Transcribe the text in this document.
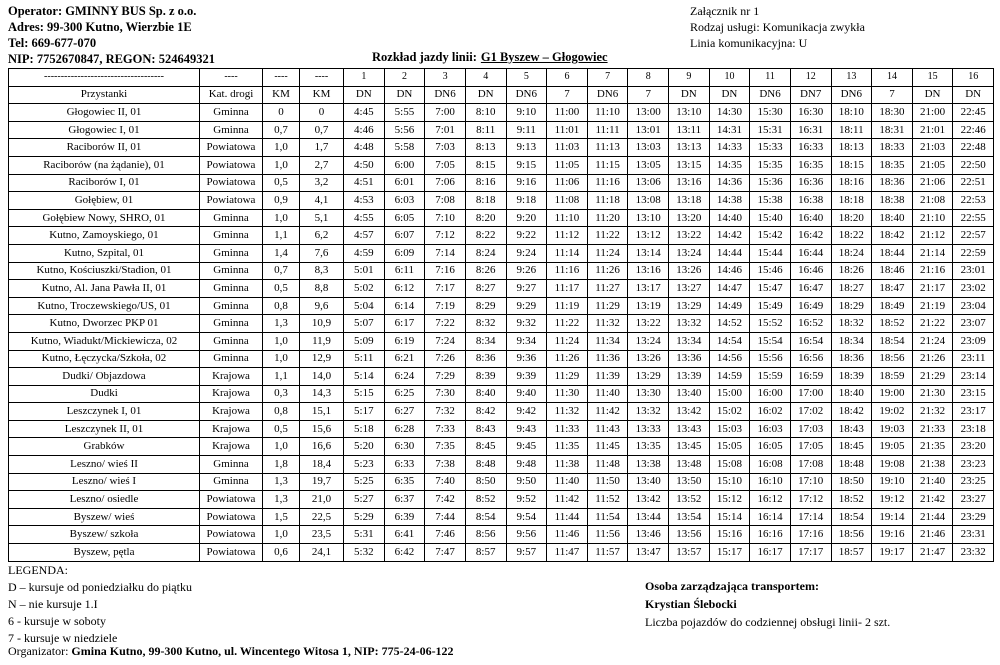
Operator: GMINNY BUS Sp. z o.o.
Adres: 99-300 Kutno, Wierzbie 1E
Tel: 669-677-070
NIP: 7752670847, REGON: 524649321
Załącznik nr 1
Rodzaj usługi: Komunikacja zwykła
Linia komunikacyjna: U
Rozkład jazdy linii: G1 Byszew – Głogowiec
------------------------------------	----	----	----	1	2	3	4	5	6	7	8	9	10	11	12	13	14	15	16
Przystanki	Kat. drogi	KM	KM	DN	DN	DN6	DN	DN6	7	DN6	7	DN	DN	DN6	DN7	DN6	7	DN	DN
Głogowiec II, 01	Gminna	0	0	4:45	5:55	7:00	8:10	9:10	11:00	11:10	13:00	13:10	14:30	15:30	16:30	18:10	18:30	21:00	22:45
Głogowiec I, 01	Gminna	0,7	0,7	4:46	5:56	7:01	8:11	9:11	11:01	11:11	13:01	13:11	14:31	15:31	16:31	18:11	18:31	21:01	22:46
Raciborów II, 01	Powiatowa	1,0	1,7	4:48	5:58	7:03	8:13	9:13	11:03	11:13	13:03	13:13	14:33	15:33	16:33	18:13	18:33	21:03	22:48
Raciborów (na żądanie), 01	Powiatowa	1,0	2,7	4:50	6:00	7:05	8:15	9:15	11:05	11:15	13:05	13:15	14:35	15:35	16:35	18:15	18:35	21:05	22:50
Raciborów I, 01	Powiatowa	0,5	3,2	4:51	6:01	7:06	8:16	9:16	11:06	11:16	13:06	13:16	14:36	15:36	16:36	18:16	18:36	21:06	22:51
Gołębiew, 01	Powiatowa	0,9	4,1	4:53	6:03	7:08	8:18	9:18	11:08	11:18	13:08	13:18	14:38	15:38	16:38	18:18	18:38	21:08	22:53
Gołębiew Nowy, SHRO, 01	Gminna	1,0	5,1	4:55	6:05	7:10	8:20	9:20	11:10	11:20	13:10	13:20	14:40	15:40	16:40	18:20	18:40	21:10	22:55
Kutno, Zamoyskiego, 01	Gminna	1,1	6,2	4:57	6:07	7:12	8:22	9:22	11:12	11:22	13:12	13:22	14:42	15:42	16:42	18:22	18:42	21:12	22:57
Kutno, Szpital, 01	Gminna	1,4	7,6	4:59	6:09	7:14	8:24	9:24	11:14	11:24	13:14	13:24	14:44	15:44	16:44	18:24	18:44	21:14	22:59
Kutno, Kościuszki/Stadion, 01	Gminna	0,7	8,3	5:01	6:11	7:16	8:26	9:26	11:16	11:26	13:16	13:26	14:46	15:46	16:46	18:26	18:46	21:16	23:01
Kutno, Al. Jana Pawła II, 01	Gminna	0,5	8,8	5:02	6:12	7:17	8:27	9:27	11:17	11:27	13:17	13:27	14:47	15:47	16:47	18:27	18:47	21:17	23:02
Kutno, Troczewskiego/US, 01	Gminna	0,8	9,6	5:04	6:14	7:19	8:29	9:29	11:19	11:29	13:19	13:29	14:49	15:49	16:49	18:29	18:49	21:19	23:04
Kutno, Dworzec PKP 01	Gminna	1,3	10,9	5:07	6:17	7:22	8:32	9:32	11:22	11:32	13:22	13:32	14:52	15:52	16:52	18:32	18:52	21:22	23:07
Kutno, Wiadukt/Mickiewicza, 02	Gminna	1,0	11,9	5:09	6:19	7:24	8:34	9:34	11:24	11:34	13:24	13:34	14:54	15:54	16:54	18:34	18:54	21:24	23:09
Kutno, Łęczycka/Szkoła, 02	Gminna	1,0	12,9	5:11	6:21	7:26	8:36	9:36	11:26	11:36	13:26	13:36	14:56	15:56	16:56	18:36	18:56	21:26	23:11
Dudki/ Objazdowa	Krajowa	1,1	14,0	5:14	6:24	7:29	8:39	9:39	11:29	11:39	13:29	13:39	14:59	15:59	16:59	18:39	18:59	21:29	23:14
Dudki	Krajowa	0,3	14,3	5:15	6:25	7:30	8:40	9:40	11:30	11:40	13:30	13:40	15:00	16:00	17:00	18:40	19:00	21:30	23:15
Leszczynek I, 01	Krajowa	0,8	15,1	5:17	6:27	7:32	8:42	9:42	11:32	11:42	13:32	13:42	15:02	16:02	17:02	18:42	19:02	21:32	23:17
Leszczynek II, 01	Krajowa	0,5	15,6	5:18	6:28	7:33	8:43	9:43	11:33	11:43	13:33	13:43	15:03	16:03	17:03	18:43	19:03	21:33	23:18
Grabków	Krajowa	1,0	16,6	5:20	6:30	7:35	8:45	9:45	11:35	11:45	13:35	13:45	15:05	16:05	17:05	18:45	19:05	21:35	23:20
Leszno/ wieś II	Gminna	1,8	18,4	5:23	6:33	7:38	8:48	9:48	11:38	11:48	13:38	13:48	15:08	16:08	17:08	18:48	19:08	21:38	23:23
Leszno/ wieś I	Gminna	1,3	19,7	5:25	6:35	7:40	8:50	9:50	11:40	11:50	13:40	13:50	15:10	16:10	17:10	18:50	19:10	21:40	23:25
Leszno/ osiedle	Powiatowa	1,3	21,0	5:27	6:37	7:42	8:52	9:52	11:42	11:52	13:42	13:52	15:12	16:12	17:12	18:52	19:12	21:42	23:27
Byszew/ wieś	Powiatowa	1,5	22,5	5:29	6:39	7:44	8:54	9:54	11:44	11:54	13:44	13:54	15:14	16:14	17:14	18:54	19:14	21:44	23:29
Byszew/ szkoła	Powiatowa	1,0	23,5	5:31	6:41	7:46	8:56	9:56	11:46	11:56	13:46	13:56	15:16	16:16	17:16	18:56	19:16	21:46	23:31
Byszew, pętla	Powiatowa	0,6	24,1	5:32	6:42	7:47	8:57	9:57	11:47	11:57	13:47	13:57	15:17	16:17	17:17	18:57	19:17	21:47	23:32
LEGENDA:
D – kursuje od poniedziałku do piątku
N – nie kursuje 1.I
6 - kursuje w soboty
7 - kursuje w niedziele
Osoba zarządzająca transportem:
Krystian Ślebocki
Liczba pojazdów do codziennej obsługi linii- 2 szt.
Organizator: Gmina Kutno, 99-300 Kutno, ul. Wincentego Witosa 1, NIP: 775-24-06-122
